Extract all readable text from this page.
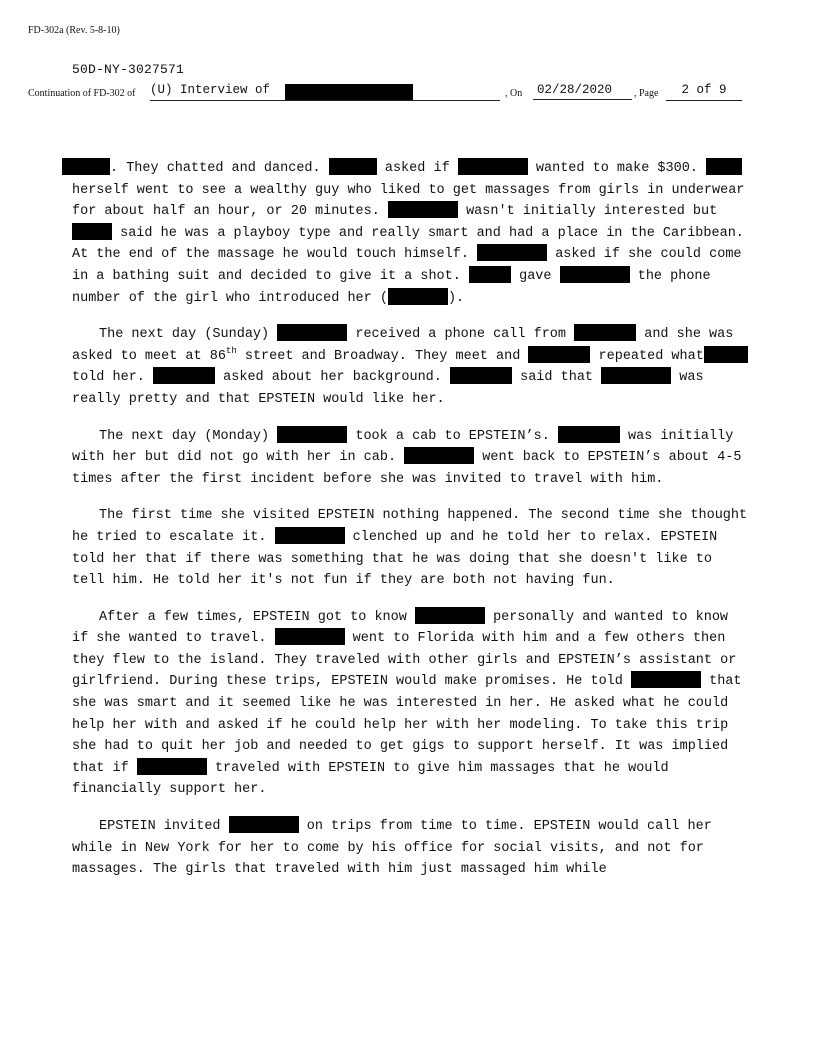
FD-302a (Rev. 5-8-10)
50D-NY-3027571
Continuation of FD-302 of (U) Interview of	, On	02/28/2020	, Page	2 of 9

. They chatted and danced.	asked if	wanted to make $300.  herself went to see a wealthy guy who liked to get massages from girls in underwear for about half an hour, or 20 minutes.	wasn't initially interested but  said he was a playboy type and really smart and had a place in the Caribbean. At the end of the massage he would touch himself.	asked if she could come in a bathing suit and decided to give it a shot.	gave	the phone number of the girl who introduced her (	).

The next day (Sunday)	received a phone call from	and she was asked to meet at 86th street and Broadway. They meet and	repeated what told her.	asked about her background.	said that	was really pretty and that EPSTEIN would like her.

The next day (Monday)	took a cab to EPSTEIN’s.	was initially with her but did not go with her in cab.	went back to EPSTEIN’s about 4-5 times after the first incident before she was invited to travel with him.

The first time she visited EPSTEIN nothing happened. The second time she thought he tried to escalate it.	clenched up and he told her to relax. EPSTEIN told her that if there was something that he was doing that she doesn't like to tell him. He told her it's not fun if they are both not having fun.

After a few times, EPSTEIN got to know	personally and wanted to know if she wanted to travel.	went to Florida with him and a few others then they flew to the island. They traveled with other girls and EPSTEIN’s assistant or girlfriend. During these trips, EPSTEIN would make promises. He told	that she was smart and it seemed like he was interested in her. He asked what he could help her with and asked if he could help her with her modeling. To take this trip she had to quit her job and needed to get gigs to support herself. It was implied that if	traveled with EPSTEIN to give him massages that he would financially support her.

EPSTEIN invited	on trips from time to time. EPSTEIN would call her while in New York for her to come by his office for social visits, and not for massages. The girls that traveled with him just massaged him while
